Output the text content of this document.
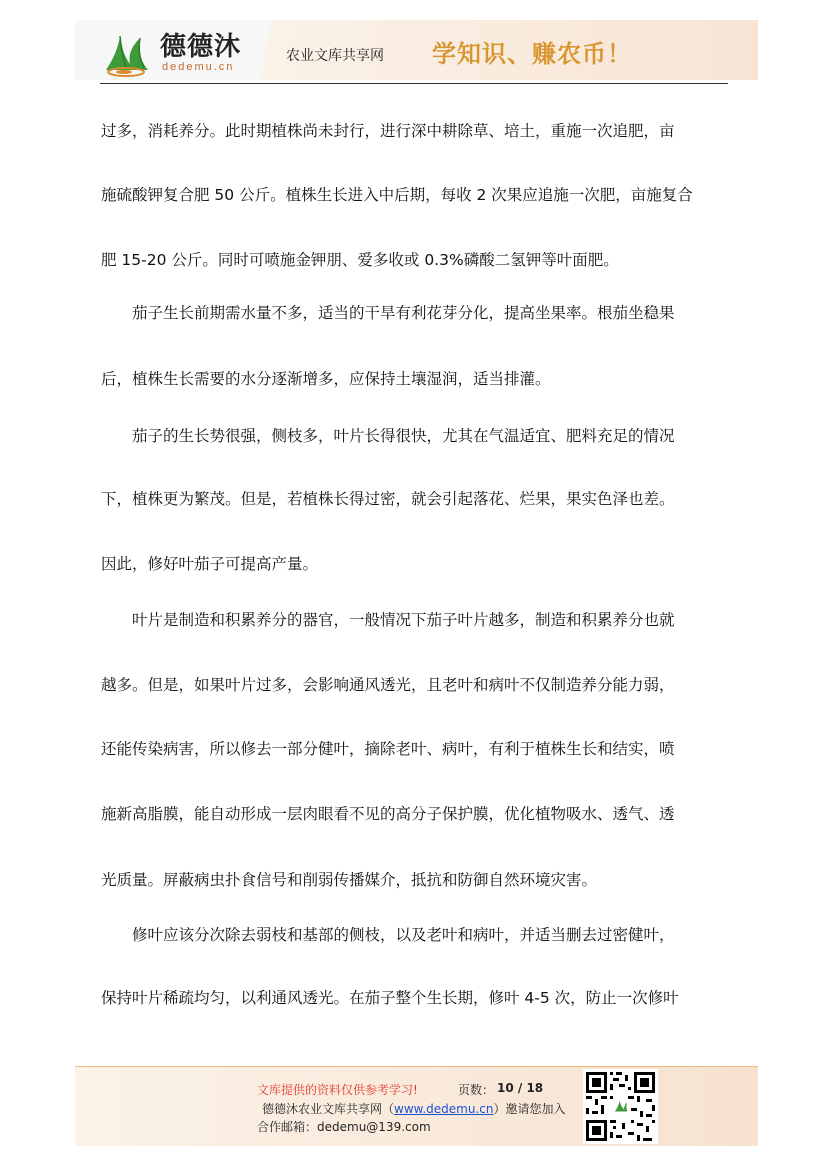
德德沐
dedemu.cn
农业文库共享网 学知识、赚农币！
过多，消耗养分。此时期植株尚未封行，进行深中耕除草、培土，重施一次追肥，亩
施硫酸钾复合肥 50 公斤。植株生长进入中后期，每收 2 次果应追施一次肥，亩施复合
肥 15-20 公斤。同时可喷施金钾朋、爱多收或 0.3%磷酸二氢钾等叶面肥。
　　茄子生长前期需水量不多，适当的干旱有利花芽分化，提高坐果率。根茄坐稳果
后，植株生长需要的水分逐渐增多，应保持土壤湿润，适当排灌。
　　茄子的生长势很强，侧枝多，叶片长得很快，尤其在气温适宜、肥料充足的情况
下，植株更为繁茂。但是，若植株长得过密，就会引起落花、烂果，果实色泽也差。
因此，修好叶茄子可提高产量。
　　叶片是制造和积累养分的器官，一般情况下茄子叶片越多，制造和积累养分也就
越多。但是，如果叶片过多，会影响通风透光，且老叶和病叶不仅制造养分能力弱，
还能传染病害，所以修去一部分健叶，摘除老叶、病叶，有利于植株生长和结实，喷
施新高脂膜，能自动形成一层肉眼看不见的高分子保护膜，优化植物吸水、透气、透
光质量。屏蔽病虫扑食信号和削弱传播媒介，抵抗和防御自然环境灾害。
　　修叶应该分次除去弱枝和基部的侧枝，以及老叶和病叶，并适当删去过密健叶，
保持叶片稀疏均匀，以利通风透光。在茄子整个生长期，修叶 4-5 次，防止一次修叶
文库提供的资料仅供参考学习!	页数： 10 / 18
德德沐农业文库共享网（www.dedemu.cn）邀请您加入
合作邮箱：dedemu@139.com
